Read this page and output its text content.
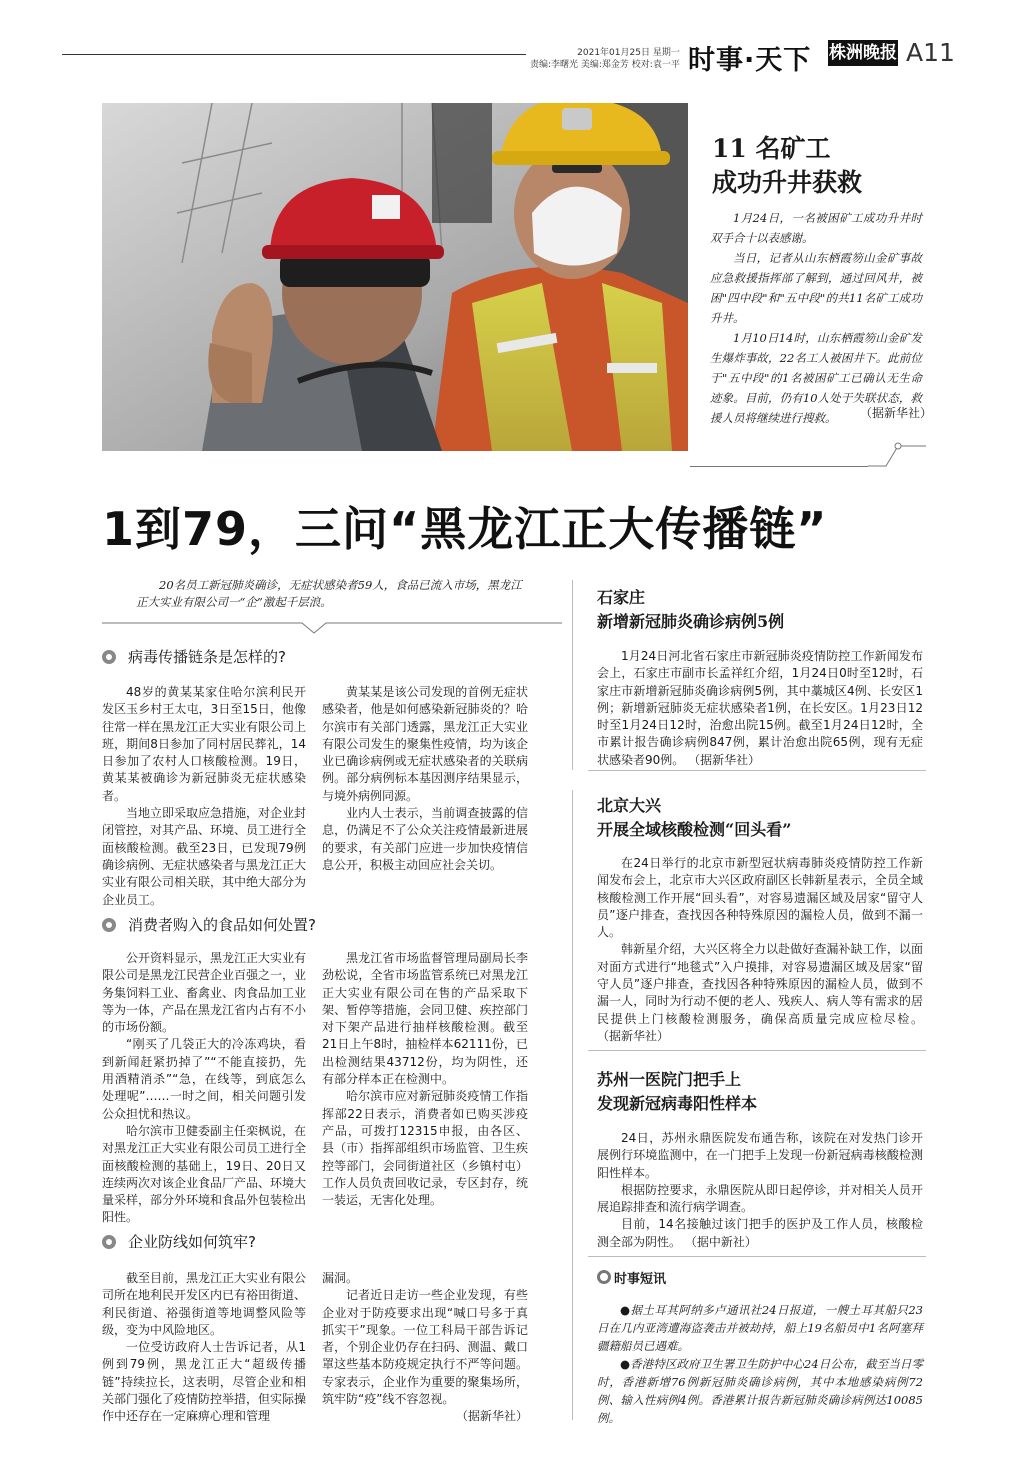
2021年01月25日 星期一
责编:李曙光 美编:郑金芳 校对:袁一平 时事·天下 株洲晚报 A11
11 名矿工
成功升井获救

1月24日，一名被困矿工成功升井时双手合十以表感谢。

当日，记者从山东栖霞笏山金矿事故应急救援指挥部了解到，通过回风井，被困"四中段"和"五中段"的共11名矿工成功升井。

1月10日14时，山东栖霞笏山金矿发生爆炸事故，22名工人被困井下。此前位于"五中段"的1名被困矿工已确认无生命迹象。目前，仍有10人处于失联状态，救援人员将继续进行搜救。	（据新华社）
1到79，三问“黑龙江正大传播链”
20名员工新冠肺炎确诊，无症状感染者59人，食品已流入市场，黑龙江正大实业有限公司一“企”激起千层浪。
病毒传播链条是怎样的?

48岁的黄某某家住哈尔滨利民开发区玉乡村王太屯，3日至15日，他像往常一样在黑龙江正大实业有限公司上班，期间8日参加了同村居民葬礼，14日参加了农村人口核酸检测。19日，黄某某被确诊为新冠肺炎无症状感染者。

当地立即采取应急措施，对企业封闭管控，对其产品、环境、员工进行全面核酸检测。截至23日，已发现79例确诊病例、无症状感染者与黑龙江正大实业有限公司相关联，其中绝大部分为企业员工。

黄某某是该公司发现的首例无症状感染者，他是如何感染新冠肺炎的？哈尔滨市有关部门透露，黑龙江正大实业有限公司发生的聚集性疫情，均为该企业已确诊病例或无症状感染者的关联病例。部分病例标本基因测序结果显示，与境外病例同源。

业内人士表示，当前调查披露的信息，仍满足不了公众关注疫情最新进展的要求，有关部门应进一步加快疫情信息公开，积极主动回应社会关切。

消费者购入的食品如何处置?

公开资料显示，黑龙江正大实业有限公司是黑龙江民营企业百强之一，业务集饲料工业、畜禽业、肉食品加工业等为一体，产品在黑龙江省内占有不小的市场份额。

“刚买了几袋正大的冷冻鸡块，看到新闻赶紧扔掉了”“不能直接扔，先用酒精消杀”“急，在线等，到底怎么处理呢”……一时之间，相关问题引发公众担忧和热议。

哈尔滨市卫健委副主任栾枫说，在对黑龙江正大实业有限公司员工进行全面核酸检测的基础上，19日、20日又连续两次对该企业食品厂产品、环境大量采样，部分外环境和食品外包装检出阳性。

黑龙江省市场监督管理局副局长李劲松说，全省市场监管系统已对黑龙江正大实业有限公司在售的产品采取下架、暂停等措施，会同卫健、疾控部门对下架产品进行抽样核酸检测。截至21日上午8时，抽检样本62111份，已出检测结果43712份，均为阴性，还有部分样本正在检测中。

哈尔滨市应对新冠肺炎疫情工作指挥部22日表示，消费者如已购买涉疫产品，可拨打12315申报，由各区、县（市）指挥部组织市场监管、卫生疾控等部门，会同街道社区（乡镇村屯）工作人员负责回收记录，专区封存，统一装运，无害化处理。

企业防线如何筑牢?

截至目前，黑龙江正大实业有限公司所在地利民开发区内已有裕田街道、利民街道、裕强街道等地调整风险等级，变为中风险地区。

一位受访政府人士告诉记者，从1例到79例，黑龙江正大“超级传播链”持续拉长，这表明，尽管企业和相关部门强化了疫情防控举措，但实际操作中还存在一定麻痹心理和管理

漏洞。

记者近日走访一些企业发现，有些企业对于防疫要求出现“喊口号多于真抓实干”现象。一位工科局干部告诉记者，个别企业仍存在扫码、测温、戴口罩这些基本防疫规定执行不严等问题。专家表示，企业作为重要的聚集场所，筑牢防“疫”线不容忽视。

（据新华社）
石家庄
新增新冠肺炎确诊病例5例

1月24日河北省石家庄市新冠肺炎疫情防控工作新闻发布会上，石家庄市副市长孟祥红介绍，1月24日0时至12时，石家庄市新增新冠肺炎确诊病例5例，其中藁城区4例、长安区1例；新增新冠肺炎无症状感染者1例，在长安区。1月23日12时至1月24日12时，治愈出院15例。截至1月24日12时，全市累计报告确诊病例847例，累计治愈出院65例，现有无症状感染者90例。 （据新华社）

北京大兴
开展全域核酸检测“回头看”

在24日举行的北京市新型冠状病毒肺炎疫情防控工作新闻发布会上，北京市大兴区政府副区长韩新星表示，全员全域核酸检测工作开展“回头看”，对容易遗漏区域及居家“留守人员”逐户排查，查找因各种特殊原因的漏检人员，做到不漏一人。

韩新星介绍，大兴区将全力以赴做好查漏补缺工作，以面对面方式进行“地毯式”入户摸排，对容易遗漏区域及居家“留守人员”逐户排查，查找因各种特殊原因的漏检人员，做到不漏一人，同时为行动不便的老人、残疾人、病人等有需求的居民提供上门核酸检测服务，确保高质量完成应检尽检。 （据新华社）

苏州一医院门把手上
发现新冠病毒阳性样本

24日，苏州永鼎医院发布通告称，该院在对发热门诊开展例行环境监测中，在一门把手上发现一份新冠病毒核酸检测阳性样本。

根据防控要求，永鼎医院从即日起停诊，并对相关人员开展追踪排查和流行病学调查。

目前，14名接触过该门把手的医护及工作人员，核酸检测全部为阴性。 （据中新社）

时事短讯

●据土耳其阿纳多卢通讯社24日报道，一艘土耳其船只23日在几内亚湾遭海盗袭击并被劫持，船上19名船员中1名阿塞拜疆籍船员已遇难。

●香港特区政府卫生署卫生防护中心24日公布，截至当日零时，香港新增76例新冠肺炎确诊病例，其中本地感染病例72例、输入性病例4例。香港累计报告新冠肺炎确诊病例达10085例。
